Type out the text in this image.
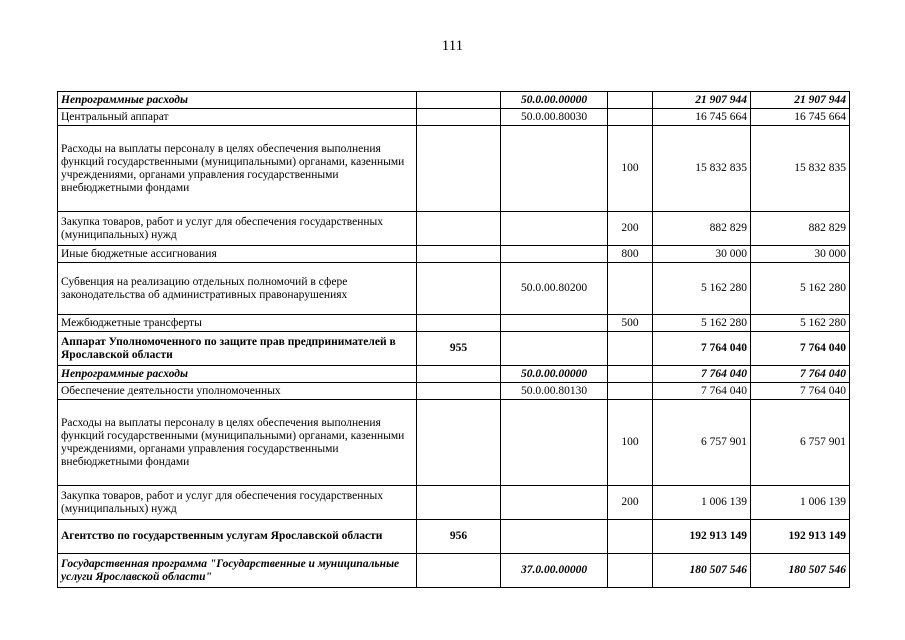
111
Непрограммные расходы		50.0.00.00000		21 907 944	21 907 944
Центральный аппарат		50.0.00.80030		16 745 664	16 745 664
Расходы на выплаты персоналу в целях обеспечения выполнения функций государственными (муниципальными) органами, казенными учреждениями, органами управления государственными внебюджетными фондами			100	15 832 835	15 832 835
Закупка товаров, работ и услуг для обеспечения государственных (муниципальных) нужд			200	882 829	882 829
Иные бюджетные ассигнования			800	30 000	30 000
Субвенция на реализацию отдельных полномочий в сфере законодательства об административных правонарушениях		50.0.00.80200		5 162 280	5 162 280
Межбюджетные трансферты			500	5 162 280	5 162 280
Аппарат Уполномоченного по защите прав предпринимателей в Ярославской области	955			7 764 040	7 764 040
Непрограммные расходы		50.0.00.00000		7 764 040	7 764 040
Обеспечение деятельности уполномоченных		50.0.00.80130		7 764 040	7 764 040
Расходы на выплаты персоналу в целях обеспечения выполнения функций государственными (муниципальными) органами, казенными учреждениями, органами управления государственными внебюджетными фондами			100	6 757 901	6 757 901
Закупка товаров, работ и услуг для обеспечения государственных (муниципальных) нужд			200	1 006 139	1 006 139
Агентство по государственным услугам Ярославской области	956			192 913 149	192 913 149
Государственная программа "Государственные и муниципальные услуги Ярославской области"		37.0.00.00000		180 507 546	180 507 546
